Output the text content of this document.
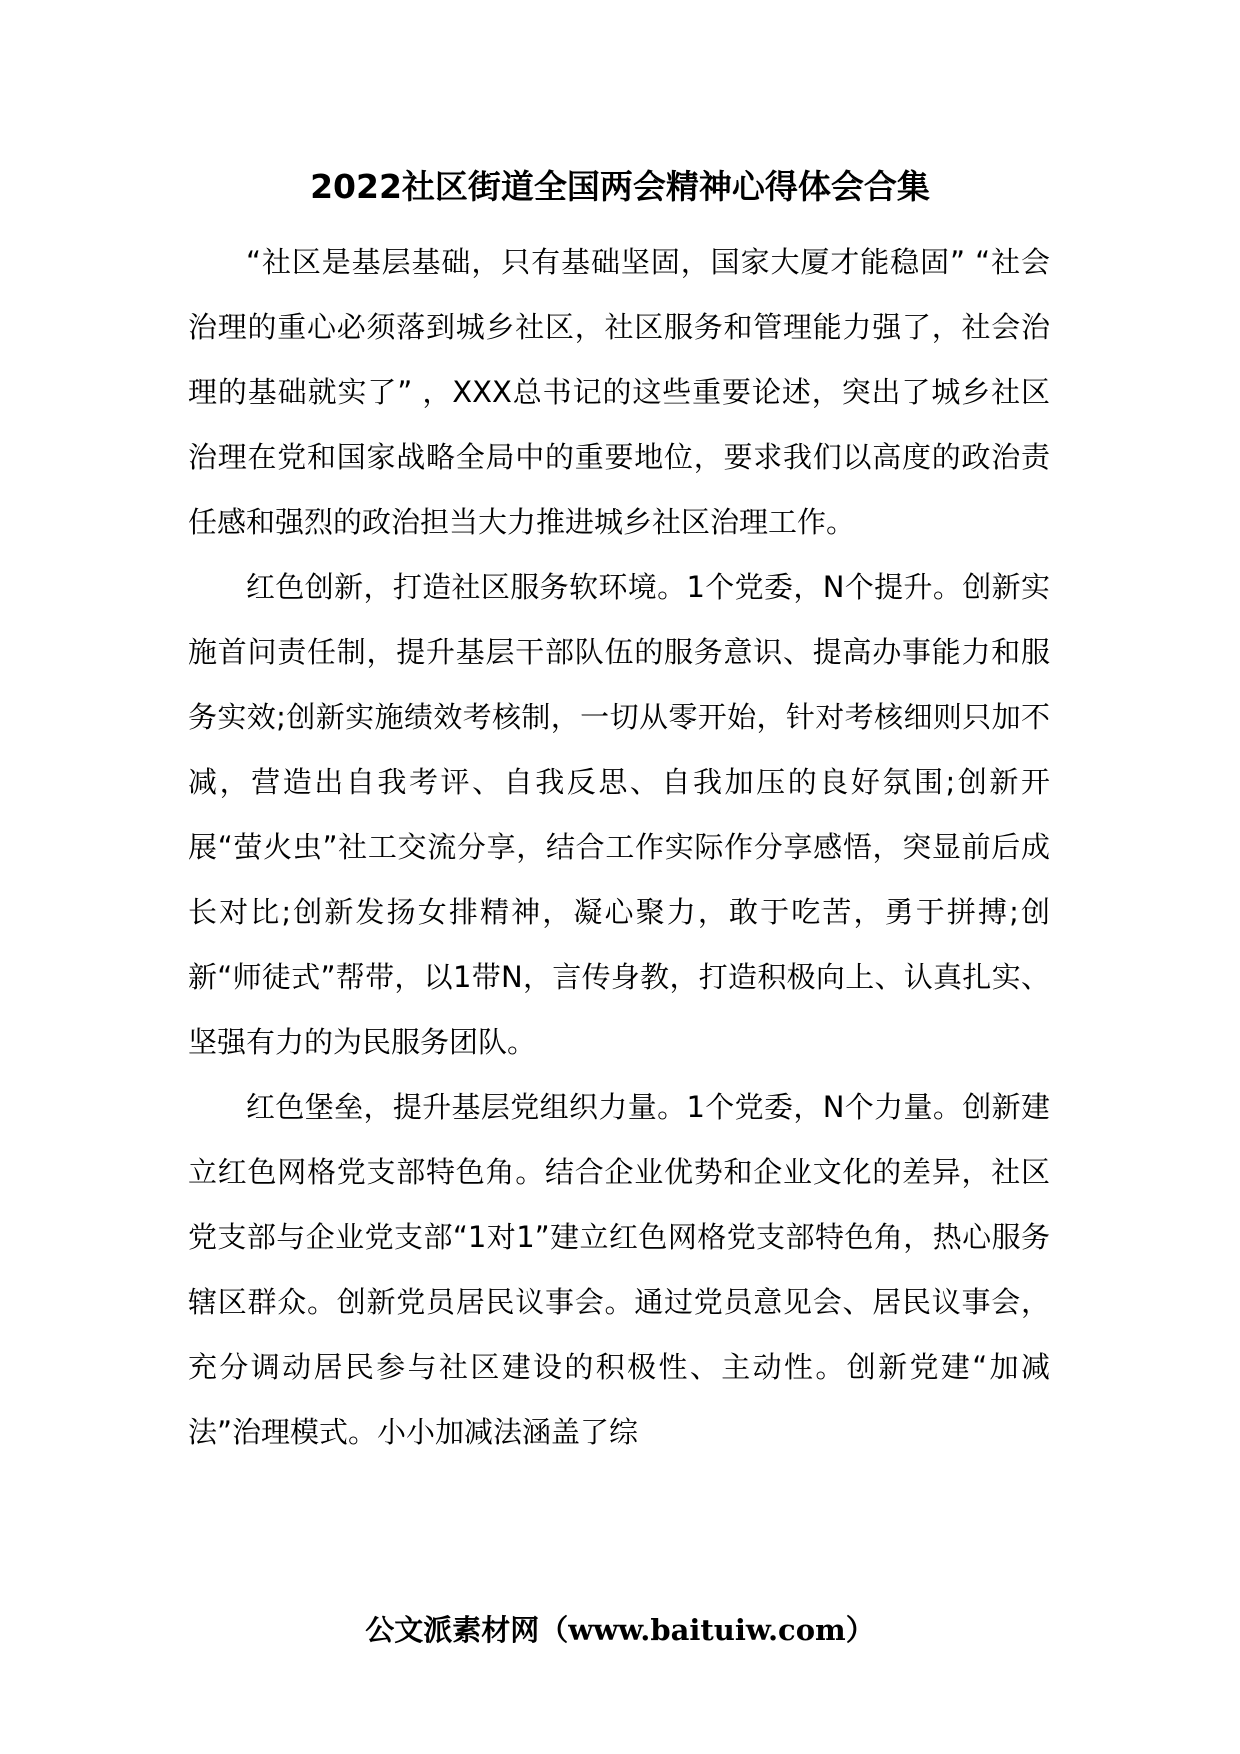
2022社区街道全国两会精神心得体会合集

“社区是基层基础，只有基础坚固，国家大厦才能稳固” “社会治理的重心必须落到城乡社区，社区服务和管理能力强了，社会治理的基础就实了” ，XXX总书记的这些重要论述，突出了城乡社区治理在党和国家战略全局中的重要地位，要求我们以高度的政治责任感和强烈的政治担当大力推进城乡社区治理工作。

红色创新，打造社区服务软环境。1个党委，N个提升。创新实施首问责任制，提升基层干部队伍的服务意识、提高办事能力和服务实效;创新实施绩效考核制，一切从零开始，针对考核细则只加不减，营造出自我考评、自我反思、自我加压的良好氛围;创新开展“萤火虫”社工交流分享，结合工作实际作分享感悟，突显前后成长对比;创新发扬女排精神，凝心聚力，敢于吃苦，勇于拼搏;创新“师徒式”帮带，以1带N，言传身教，打造积极向上、认真扎实、坚强有力的为民服务团队。

红色堡垒，提升基层党组织力量。1个党委，N个力量。创新建立红色网格党支部特色角。结合企业优势和企业文化的差异，社区党支部与企业党支部“1对1”建立红色网格党支部特色角，热心服务辖区群众。创新党员居民议事会。通过党员意见会、居民议事会，充分调动居民参与社区建设的积极性、主动性。创新党建“加减法”治理模式。小小加减法涵盖了综

公文派素材网（www.baituiw.com）
